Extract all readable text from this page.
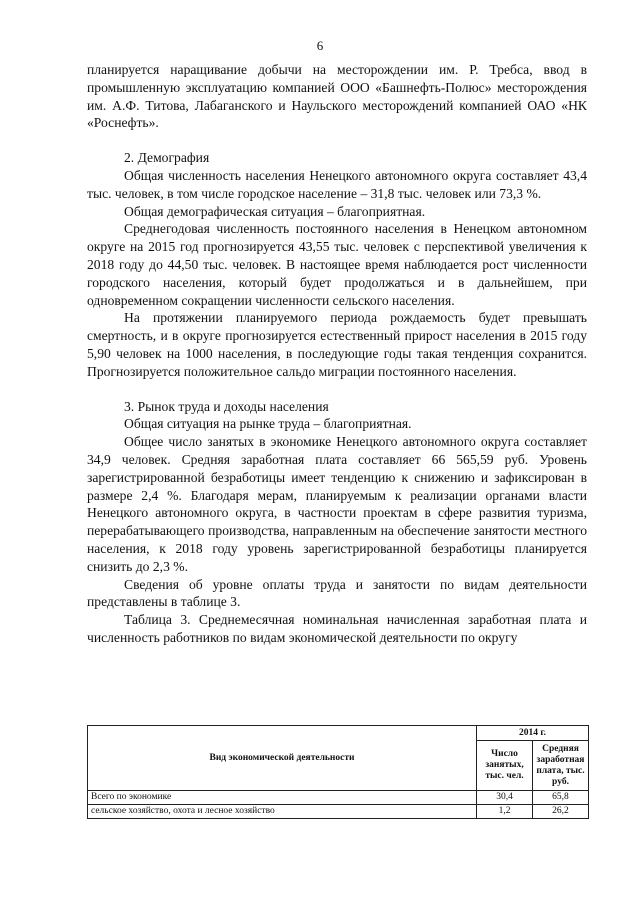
6

планируется наращивание добычи на месторождении им. Р. Требса, ввод в промышленную эксплуатацию компанией ООО «Башнефть-Полюс» месторождения им. А.Ф. Титова, Лабаганского и Наульского месторождений компанией ОАО «НК «Роснефть».

2. Демография

Общая численность населения Ненецкого автономного округа составляет 43,4 тыс. человек, в том числе городское население – 31,8 тыс. человек или 73,3 %.

Общая демографическая ситуация – благоприятная.

Среднегодовая численность постоянного населения в Ненецком автономном округе на 2015 год прогнозируется 43,55 тыс. человек с перспективой увеличения к 2018 году до 44,50 тыс. человек. В настоящее время наблюдается рост численности городского населения, который будет продолжаться и в дальнейшем, при одновременном сокращении численности сельского населения.

На протяжении планируемого периода рождаемость будет превышать смертность, и в округе прогнозируется естественный прирост населения в 2015 году 5,90 человек на 1000 населения, в последующие годы такая тенденция сохранится. Прогнозируется положительное сальдо миграции постоянного населения.

3. Рынок труда и доходы населения

Общая ситуация на рынке труда – благоприятная.

Общее число занятых в экономике Ненецкого автономного округа составляет 34,9 человек. Средняя заработная плата составляет 66 565,59 руб. Уровень зарегистрированной безработицы имеет тенденцию к снижению и зафиксирован в размере 2,4 %. Благодаря мерам, планируемым к реализации органами власти Ненецкого автономного округа, в частности проектам в сфере развития туризма, перерабатывающего производства, направленным на обеспечение занятости местного населения, к 2018 году уровень зарегистрированной безработицы планируется снизить до 2,3 %.

Сведения об уровне оплаты труда и занятости по видам деятельности представлены в таблице 3.

Таблица 3. Среднемесячная номинальная начисленная заработная плата и численность работников по видам экономической деятельности по округу

Вид экономической деятельности	2014 г.	
	Число занятых, тыс. чел.	Средняя заработная плата, тыс. руб.
Всего по экономике	30,4	65,8
сельское хозяйство, охота и лесное хозяйство	1,2	26,2
